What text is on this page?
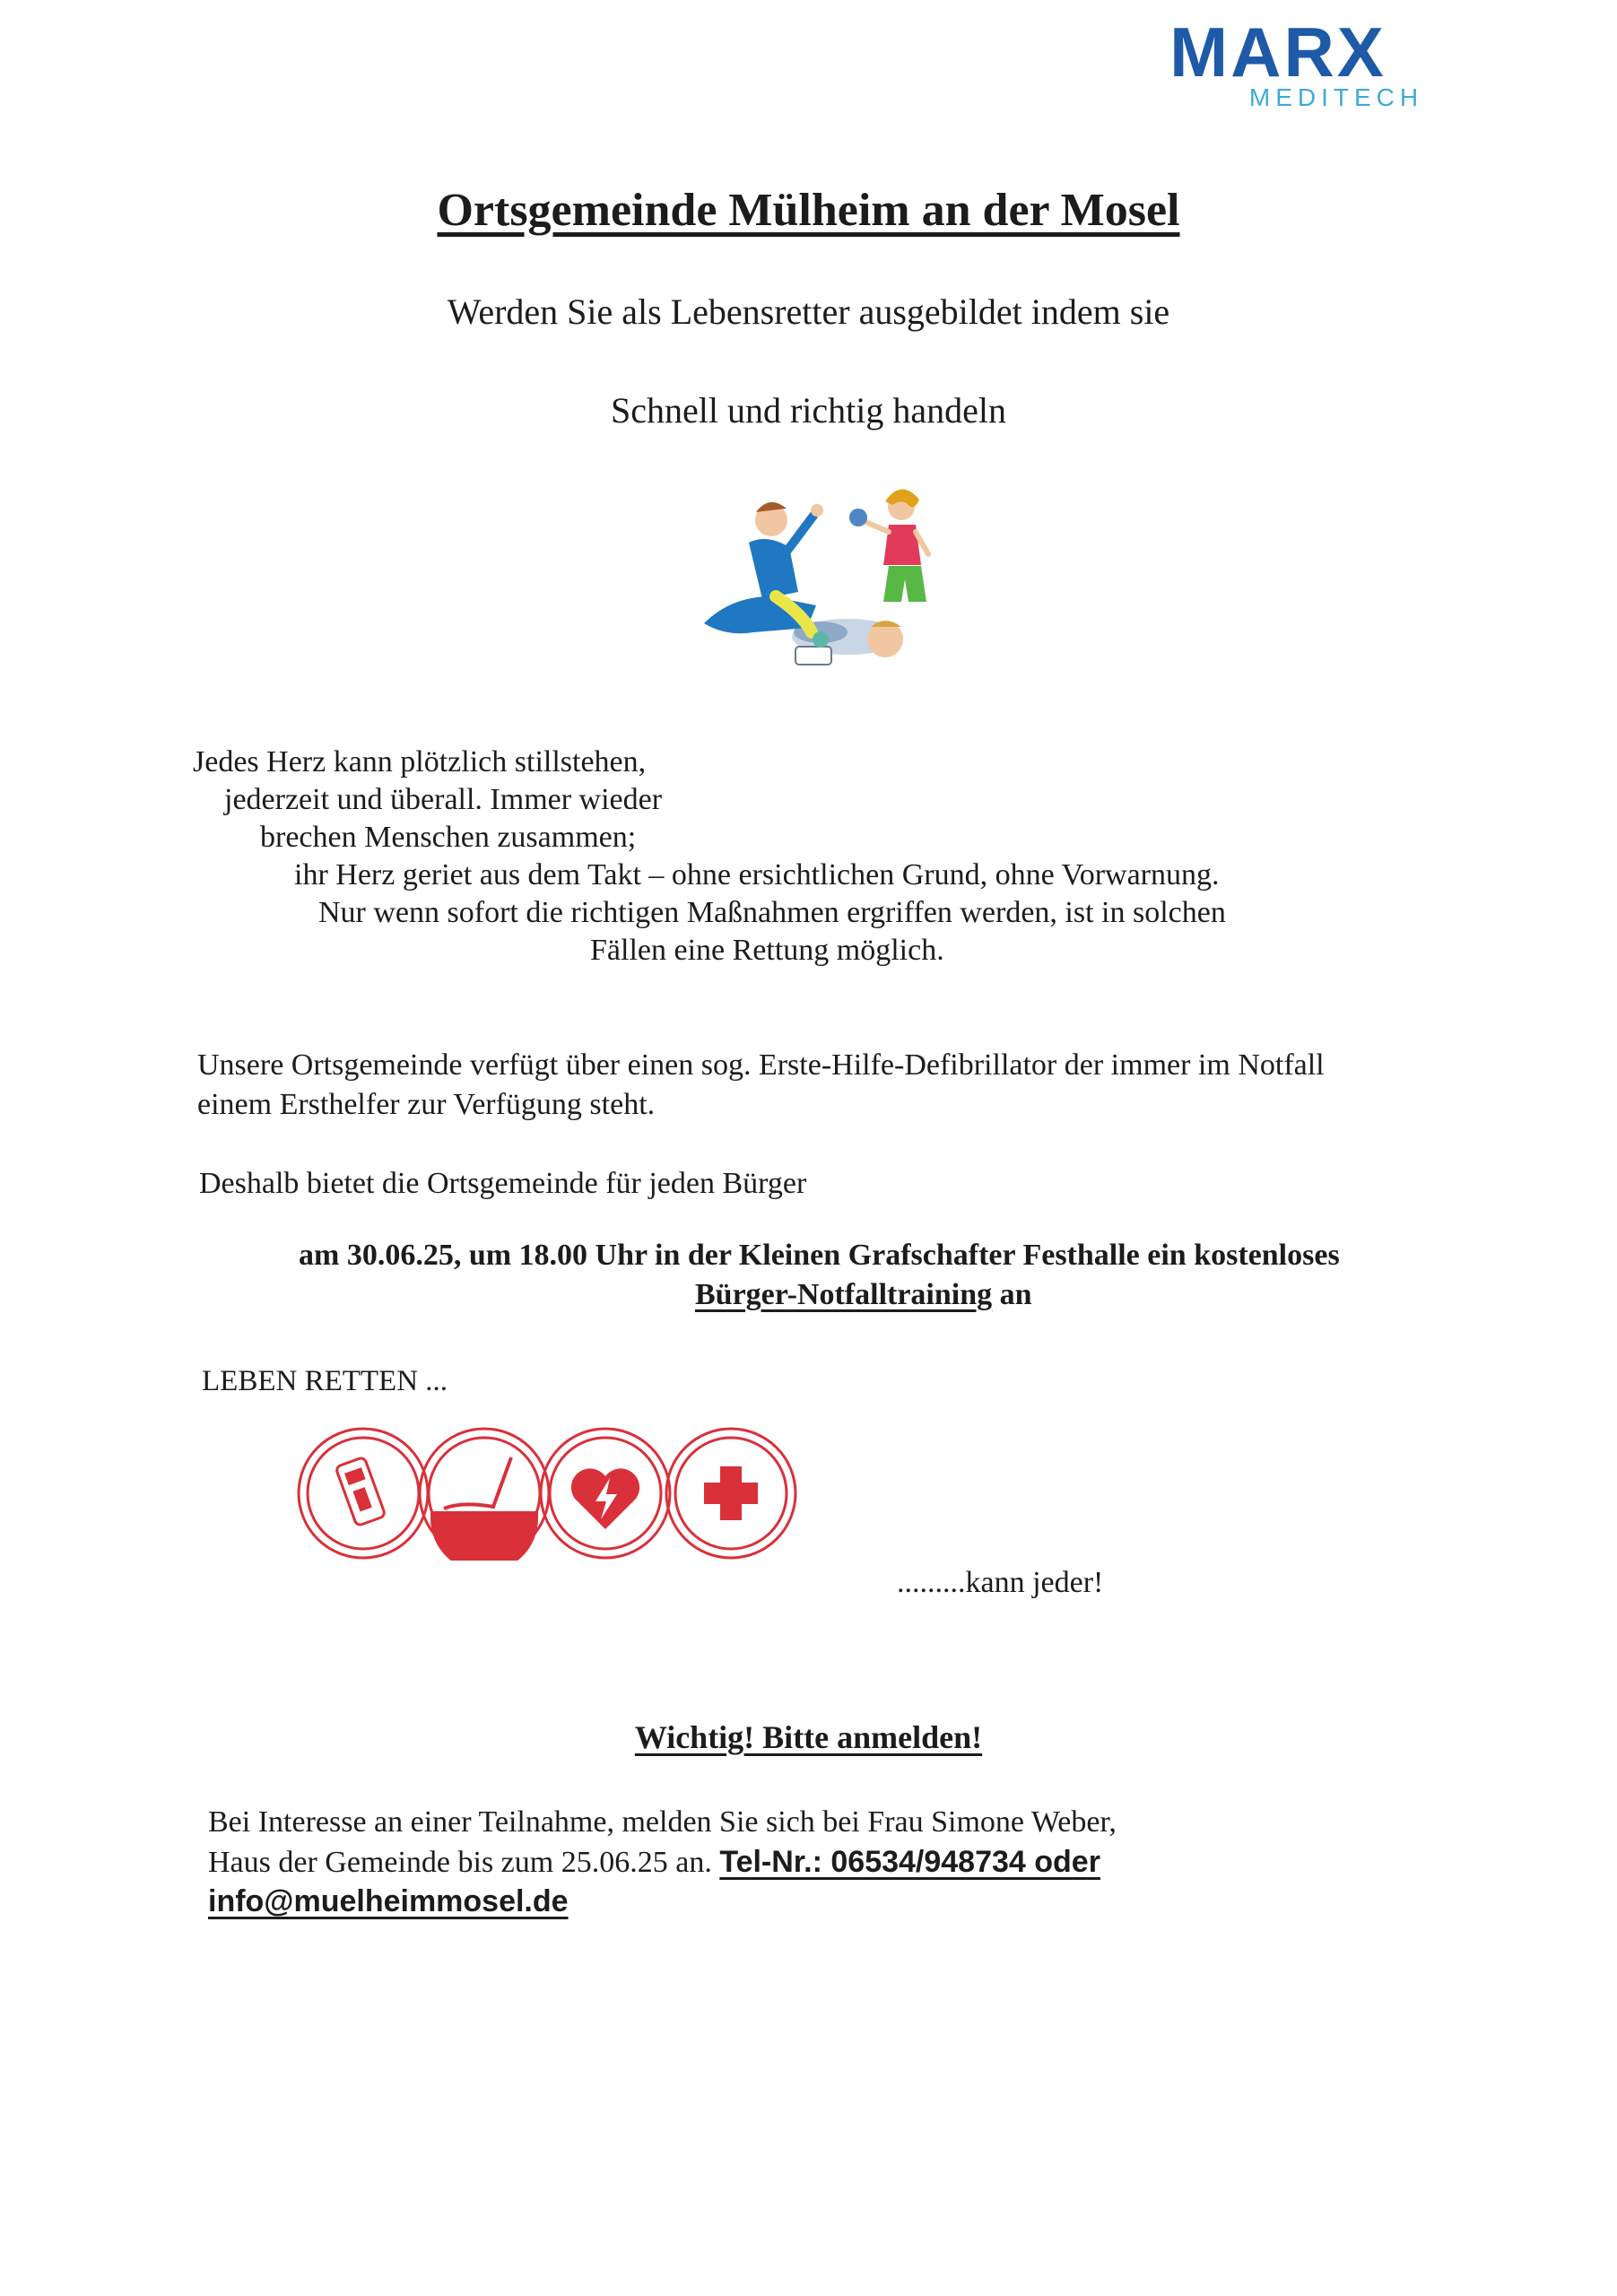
MARX
MEDITECH
Ortsgemeinde Mülheim an der Mosel
Werden Sie als Lebensretter ausgebildet indem sie
Schnell und richtig handeln
Jedes Herz kann plötzlich stillstehen,
jederzeit und überall. Immer wieder
brechen Menschen zusammen;
ihr Herz geriet aus dem Takt – ohne ersichtlichen Grund, ohne Vorwarnung.
Nur wenn sofort die richtigen Maßnahmen ergriffen werden, ist in solchen
Fällen eine Rettung möglich.
Unsere Ortsgemeinde verfügt über einen sog. Erste-Hilfe-Defibrillator der immer im Notfall
einem Ersthelfer zur Verfügung steht.
Deshalb bietet die Ortsgemeinde für jeden Bürger
am 30.06.25, um 18.00 Uhr in der Kleinen Grafschafter Festhalle ein kostenloses
Bürger-Notfalltraining an
LEBEN RETTEN ...
.........kann jeder!
Wichtig! Bitte anmelden!
Bei Interesse an einer Teilnahme, melden Sie sich bei Frau Simone Weber,
Haus der Gemeinde bis zum 25.06.25 an. Tel-Nr.: 06534/948734 oder
info@muelheimmosel.de
